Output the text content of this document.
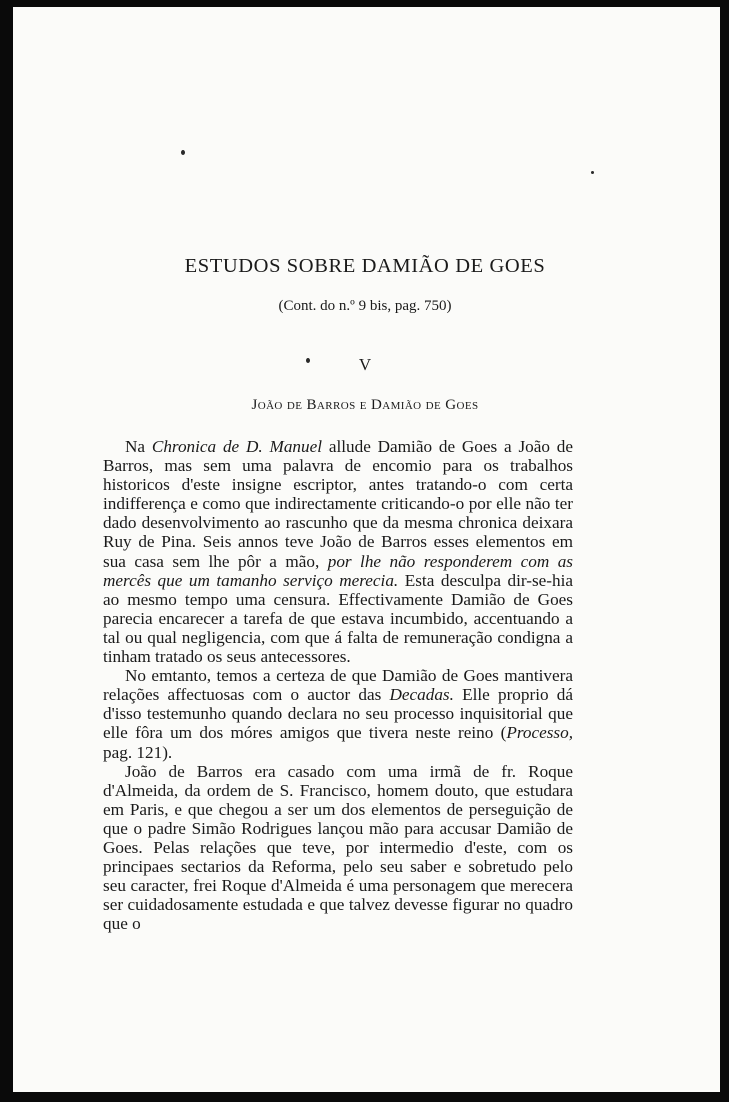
ESTUDOS SOBRE DAMIÃO DE GOES
(Cont. do n.º 9 bis, pag. 750)
V
João de Barros e Damião de Goes

Na Chronica de D. Manuel allude Damião de Goes a João de Barros, mas sem uma palavra de encomio para os trabalhos historicos d'este insigne escriptor, antes tratando-o com certa indifferença e como que indirectamente criticando-o por elle não ter dado desenvolvimento ao rascunho que da mesma chronica deixara Ruy de Pina. Seis annos teve João de Barros esses elementos em sua casa sem lhe pôr a mão, por lhe não responderem com as mercês que um tamanho serviço merecia. Esta desculpa dir-se-hia ao mesmo tempo uma censura. Effectivamente Damião de Goes parecia encarecer a tarefa de que estava incumbido, accentuando a tal ou qual negligencia, com que á falta de remuneração condigna a tinham tratado os seus antecessores.

No emtanto, temos a certeza de que Damião de Goes mantivera relações affectuosas com o auctor das Decadas. Elle proprio dá d'isso testemunho quando declara no seu processo inquisitorial que elle fôra um dos móres amigos que tivera neste reino (Processo, pag. 121).

João de Barros era casado com uma irmã de fr. Roque d'Almeida, da ordem de S. Francisco, homem douto, que estudara em Paris, e que chegou a ser um dos elementos de perseguição de que o padre Simão Rodrigues lançou mão para accusar Damião de Goes. Pelas relações que teve, por intermedio d'este, com os principaes sectarios da Reforma, pelo seu saber e sobretudo pelo seu caracter, frei Roque d'Almeida é uma personagem que merecera ser cuidadosamente estudada e que talvez devesse figurar no quadro que o
